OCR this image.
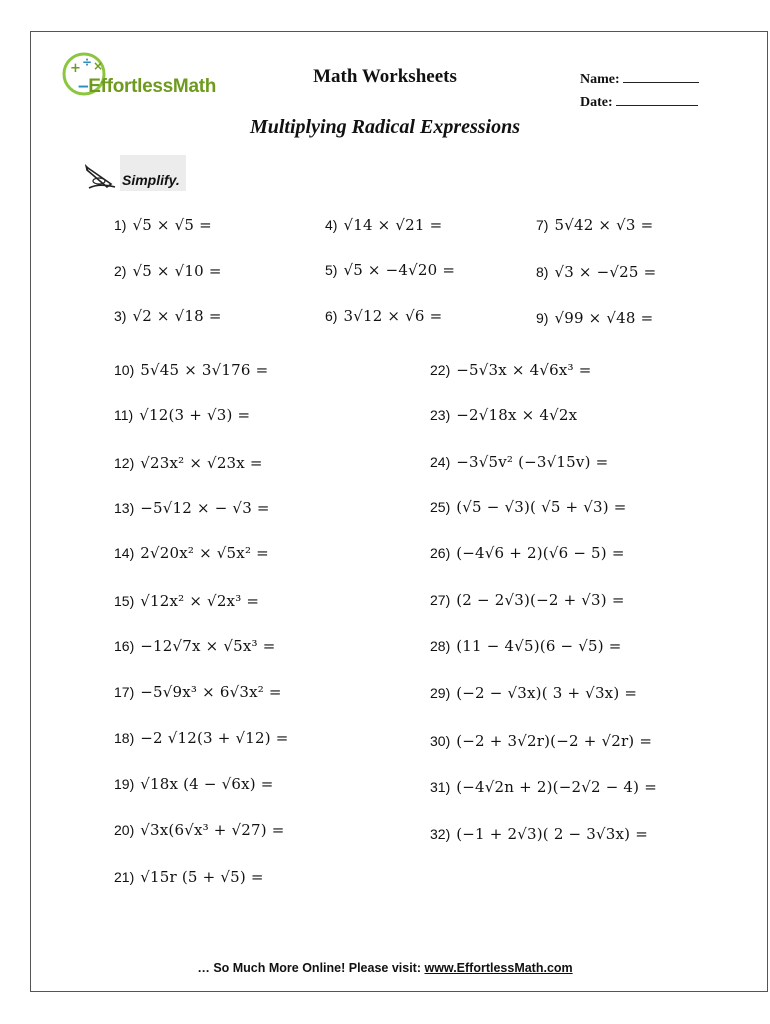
+ ÷ ×
–EffortlessMath	Math Worksheets	Name:
Date:
Multiplying Radical Expressions
Simplify.
1) √5 × √5 =
2) √5 × √10 =
3) √2 × √18 =
4) √14 × √21 =
5) √5 × −4√20 =
6) 3√12 × √6 =
7) 5√42 × √3 =
8) √3 × −√25 =
9) √99 × √48 =
10) 5√45 × 3√176 =
11) √12(3 + √3) =
12) √23x² × √23x =
13) −5√12 × − √3 =
14) 2√20x² × √5x² =
15) √12x² × √2x³ =
16) −12√7x × √5x³ =
17) −5√9x³ × 6√3x² =
18) −2 √12(3 + √12) =
19) √18x (4 − √6x) =
20) √3x(6√x³ + √27) =
21) √15r (5 + √5) =
22) −5√3x × 4√6x³ =
23) −2√18x × 4√2x
24) −3√5v² (−3√15v) =
25) (√5 − √3)( √5 + √3) =
26) (−4√6 + 2)(√6 − 5) =
27) (2 − 2√3)(−2 + √3) =
28) (11 − 4√5)(6 − √5) =
29) (−2 − √3x)( 3 + √3x) =
30) (−2 + 3√2r)(−2 + √2r) =
31) (−4√2n + 2)(−2√2 − 4) =
32) (−1 + 2√3)( 2 − 3√3x) =
… So Much More Online! Please visit: www.EffortlessMath.com
